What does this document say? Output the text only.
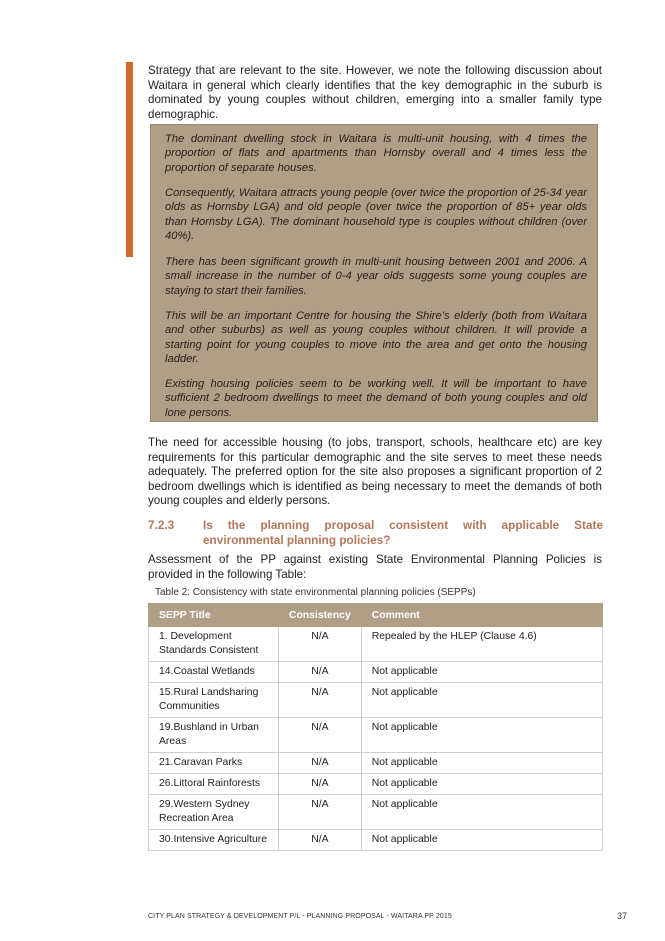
Strategy that are relevant to the site. However, we note the following discussion about Waitara in general which clearly identifies that the key demographic in the suburb is dominated by young couples without children, emerging into a smaller family type demographic.

The dominant dwelling stock in Waitara is multi-unit housing, with 4 times the proportion of flats and apartments than Hornsby overall and 4 times less the proportion of separate houses.

Consequently, Waitara attracts young people (over twice the proportion of 25-34 year olds as Hornsby LGA) and old people (over twice the proportion of 85+ year olds than Hornsby LGA). The dominant household type is couples without children (over 40%).

There has been significant growth in multi-unit housing between 2001 and 2006. A small increase in the number of 0-4 year olds suggests some young couples are staying to start their families.

This will be an important Centre for housing the Shire’s elderly (both from Waitara and other suburbs) as well as young couples without children. It will provide a starting point for young couples to move into the area and get onto the housing ladder.

Existing housing policies seem to be working well. It will be important to have sufficient 2 bedroom dwellings to meet the demand of both young couples and old lone persons.

The need for accessible housing (to jobs, transport, schools, healthcare etc) are key requirements for this particular demographic and the site serves to meet these needs adequately. The preferred option for the site also proposes a significant proportion of 2 bedroom dwellings which is identified as being necessary to meet the demands of both young couples and elderly persons.

7.2.3 Is the planning proposal consistent with applicable State environmental planning policies?

Assessment of the PP against existing State Environmental Planning Policies is provided in the following Table:

Table 2: Consistency with state environmental planning policies (SEPPs)
SEPP Title	Consistency	Comment
1. Development Standards Consistent	N/A	Repealed by the HLEP (Clause 4.6)
14.Coastal Wetlands	N/A	Not applicable
15.Rural Landsharing Communities	N/A	Not applicable
19.Bushland in Urban Areas	N/A	Not applicable
21.Caravan Parks	N/A	Not applicable
26.Littoral Rainforests	N/A	Not applicable
29.Western Sydney Recreation Area	N/A	Not applicable
30.Intensive Agriculture	N/A	Not applicable
CITY PLAN STRATEGY & DEVELOPMENT P/L - PLANNING PROPOSAL - WAITARA PP 2015	37
